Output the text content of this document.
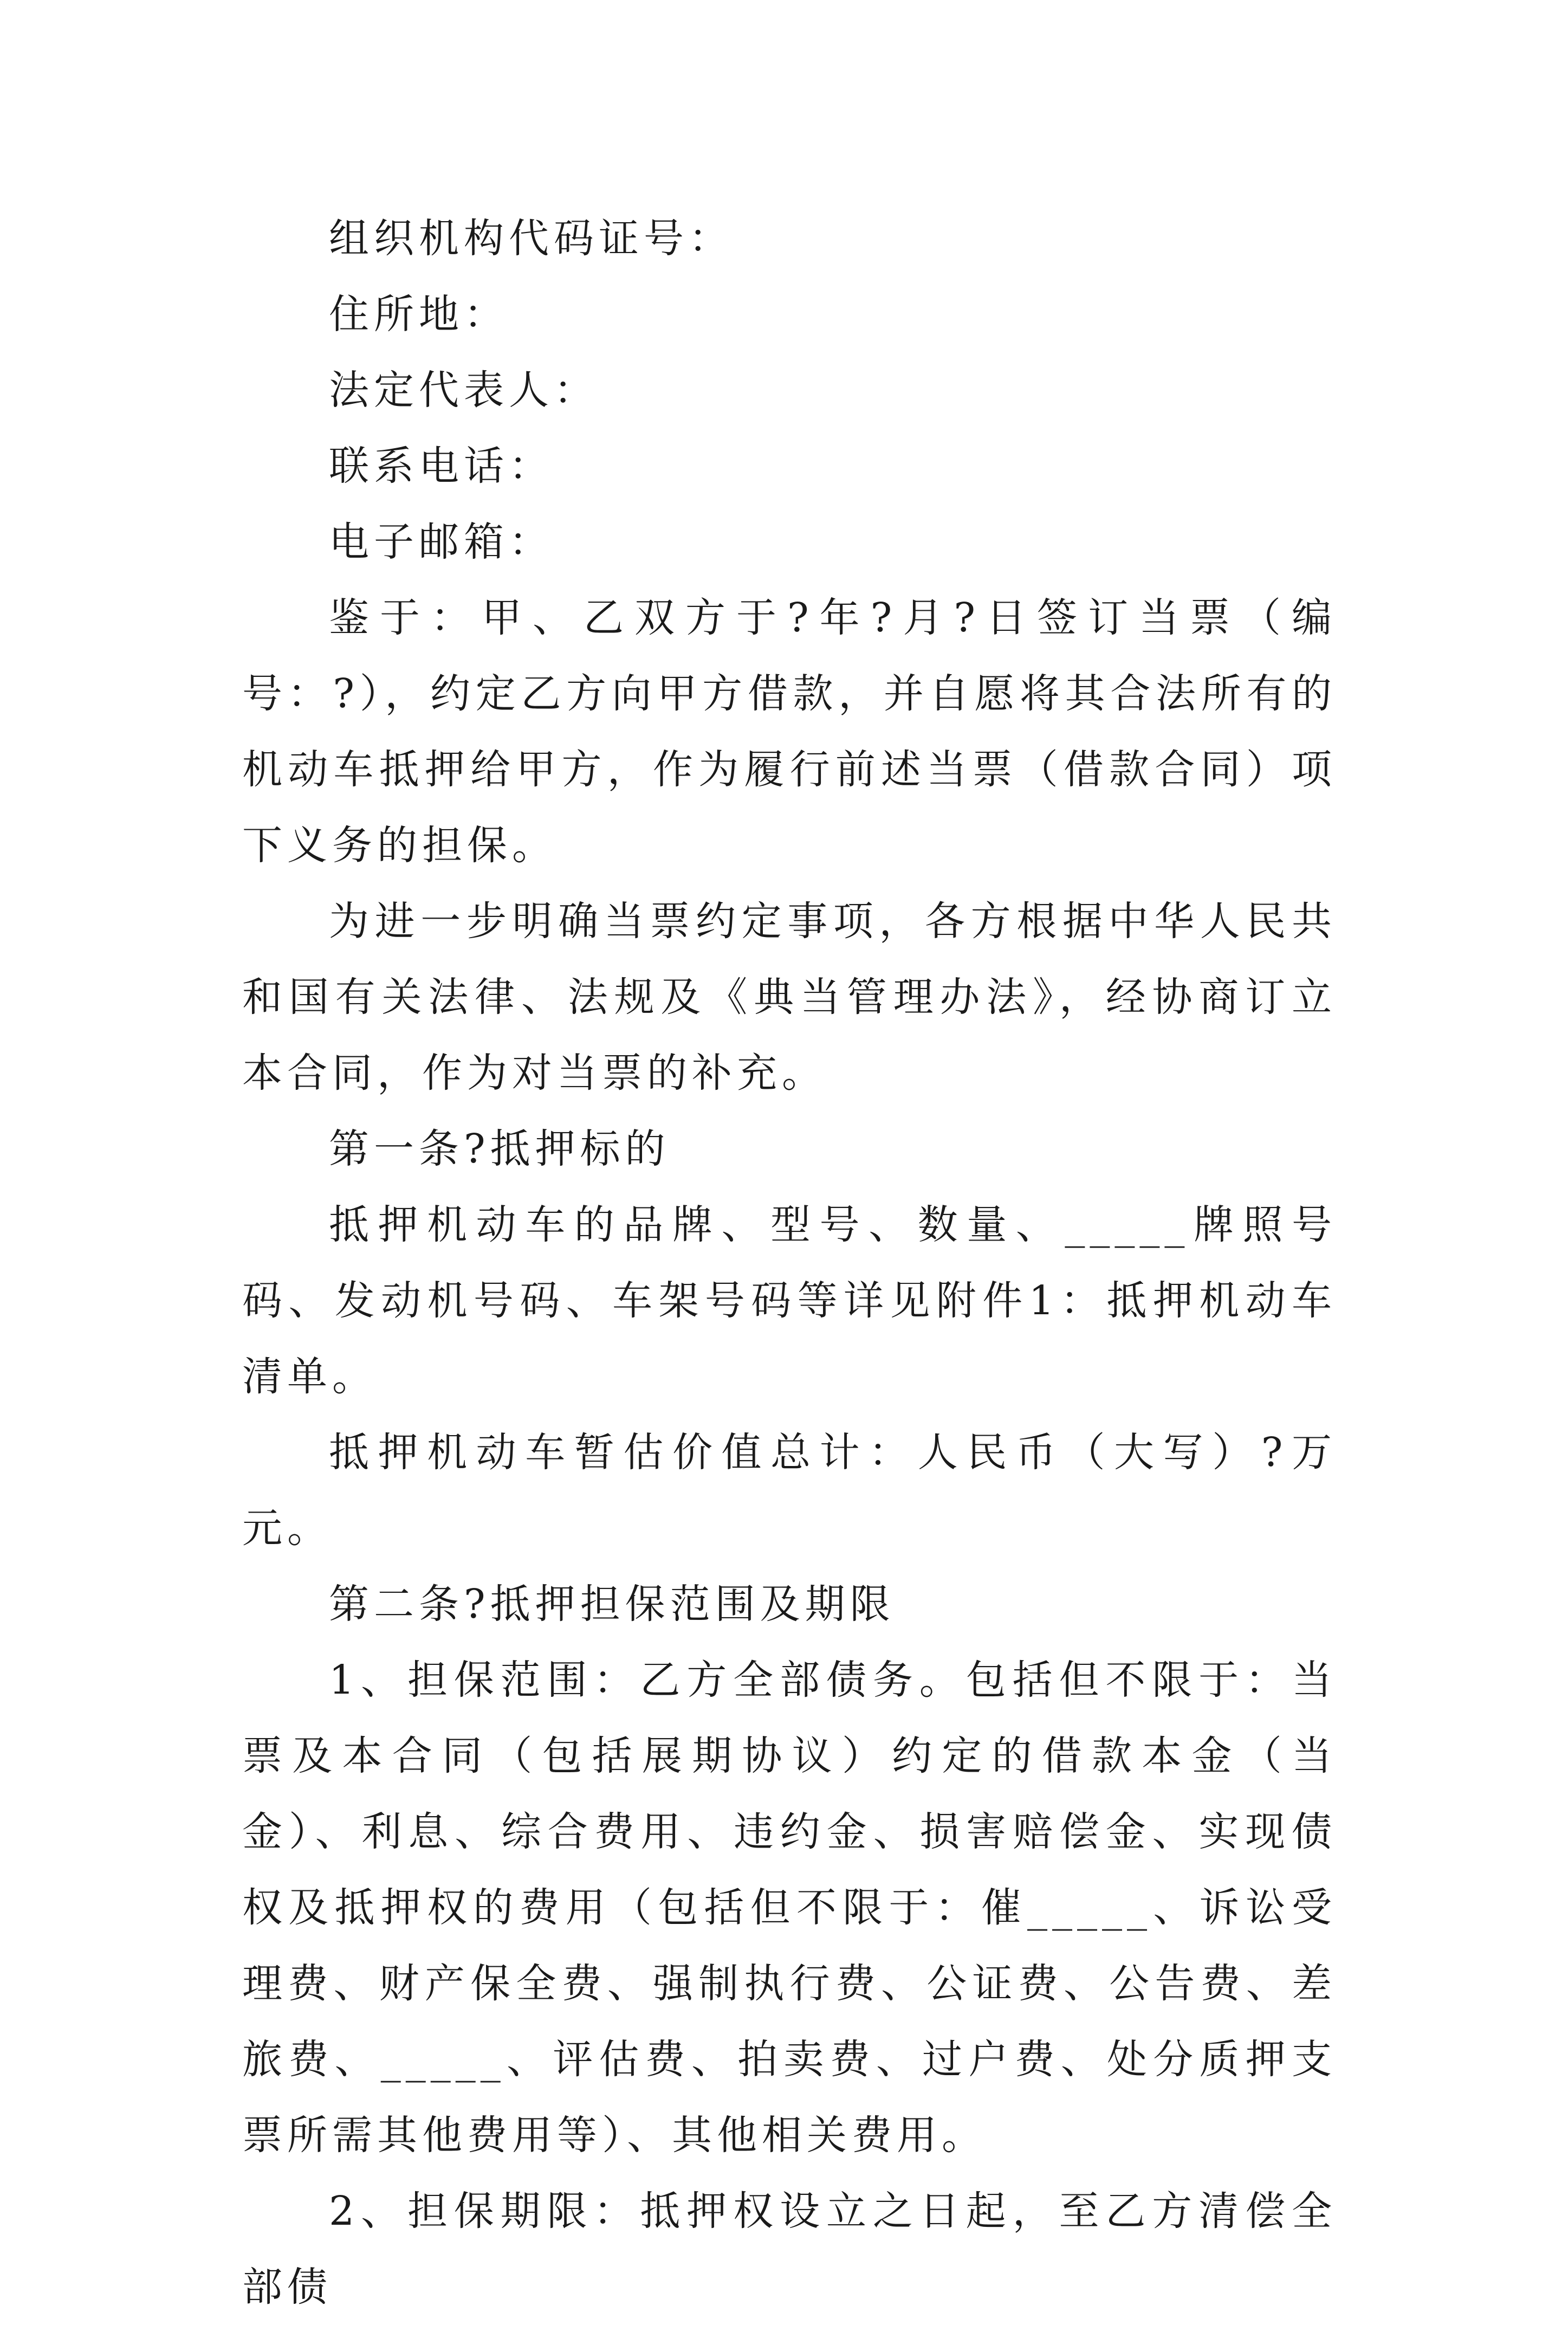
组织机构代码证号：

住所地：

法定代表人：

联系电话：

电子邮箱：

鉴于：甲、乙双方于?年?月?日签订当票（编号：?），约定乙方向甲方借款，并自愿将其合法所有的机动车抵押给甲方，作为履行前述当票（借款合同）项下义务的担保。

为进一步明确当票约定事项，各方根据中华人民共和国有关法律、法规及《典当管理办法》，经协商订立本合同，作为对当票的补充。

第一条?抵押标的

抵押机动车的品牌、型号、数量、_____牌照号码、发动机号码、车架号码等详见附件1：抵押机动车清单。

抵押机动车暂估价值总计：人民币（大写）?万元。

第二条?抵押担保范围及期限

1、担保范围：乙方全部债务。包括但不限于：当票及本合同（包括展期协议）约定的借款本金（当金）、利息、综合费用、违约金、损害赔偿金、实现债权及抵押权的费用（包括但不限于：催_____、诉讼受理费、财产保全费、强制执行费、公证费、公告费、差旅费、_____、评估费、拍卖费、过户费、处分质押支票所需其他费用等）、其他相关费用。

2、担保期限：抵押权设立之日起，至乙方清偿全部债
